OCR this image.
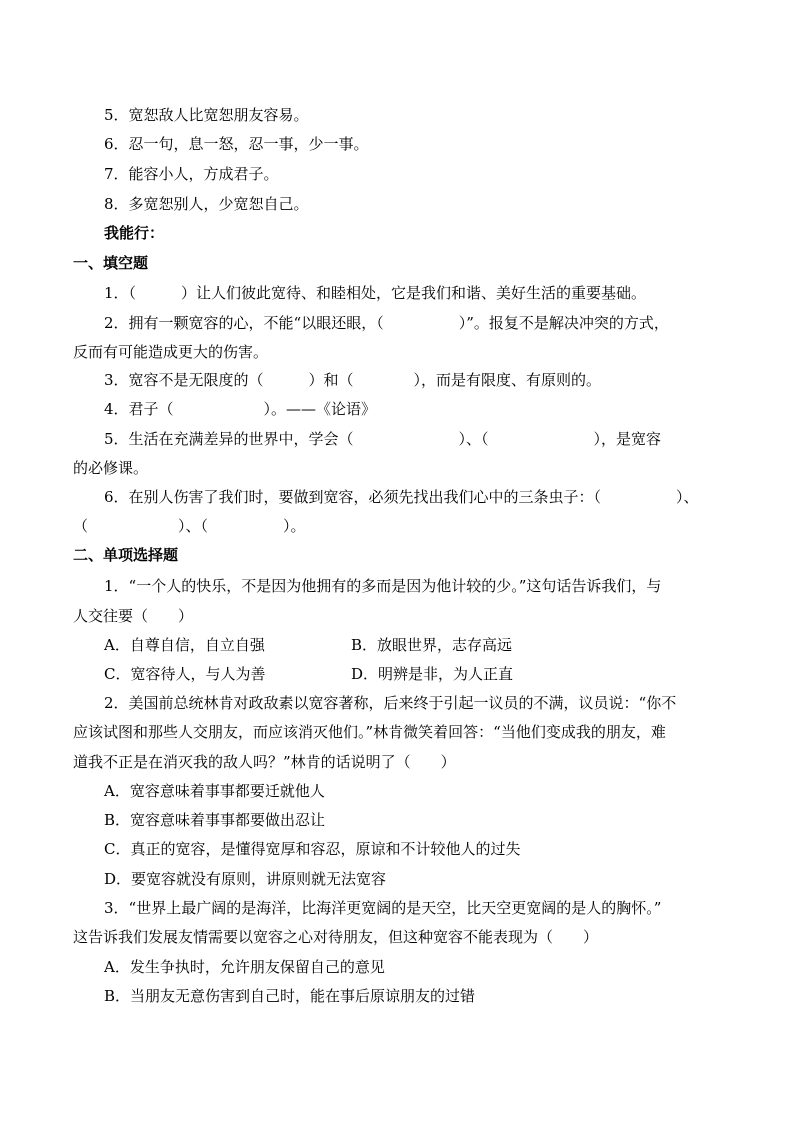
5．宽恕敌人比宽恕朋友容易。
6．忍一句，息一怒，忍一事，少一事。
7．能容小人，方成君子。
8．多宽恕别人，少宽恕自己。
我能行：
一、填空题
1．（　　　）让人们彼此宽待、和睦相处，它是我们和谐、美好生活的重要基础。
2．拥有一颗宽容的心，不能“以眼还眼，（　　　　　）”。报复不是解决冲突的方式，
反而有可能造成更大的伤害。
3．宽容不是无限度的（　　　）和（　　　　），而是有限度、有原则的。
4．君子（　　　　　　）。——《论语》
5．生活在充满差异的世界中，学会（　　　　　　　）、（　　　　　　　），是宽容
的必修课。
6．在别人伤害了我们时，要做到宽容，必须先找出我们心中的三条虫子：（　　　　　）、
（　　　　　　）、（　　　　　）。
二、单项选择题
1．“一个人的快乐，不是因为他拥有的多而是因为他计较的少。”这句话告诉我们，与
人交往要（　　）
A．自尊自信，自立自强	B．放眼世界，志存高远
C．宽容待人，与人为善	D．明辨是非，为人正直
2．美国前总统林肯对政敌素以宽容著称，后来终于引起一议员的不满，议员说：“你不
应该试图和那些人交朋友，而应该消灭他们。”林肯微笑着回答：“当他们变成我的朋友，难
道我不正是在消灭我的敌人吗？”林肯的话说明了（　　）
A．宽容意味着事事都要迁就他人
B．宽容意味着事事都要做出忍让
C．真正的宽容，是懂得宽厚和容忍，原谅和不计较他人的过失
D．要宽容就没有原则，讲原则就无法宽容
3．“世界上最广阔的是海洋，比海洋更宽阔的是天空，比天空更宽阔的是人的胸怀。”
这告诉我们发展友情需要以宽容之心对待朋友，但这种宽容不能表现为（　　）
A．发生争执时，允许朋友保留自己的意见
B．当朋友无意伤害到自己时，能在事后原谅朋友的过错
